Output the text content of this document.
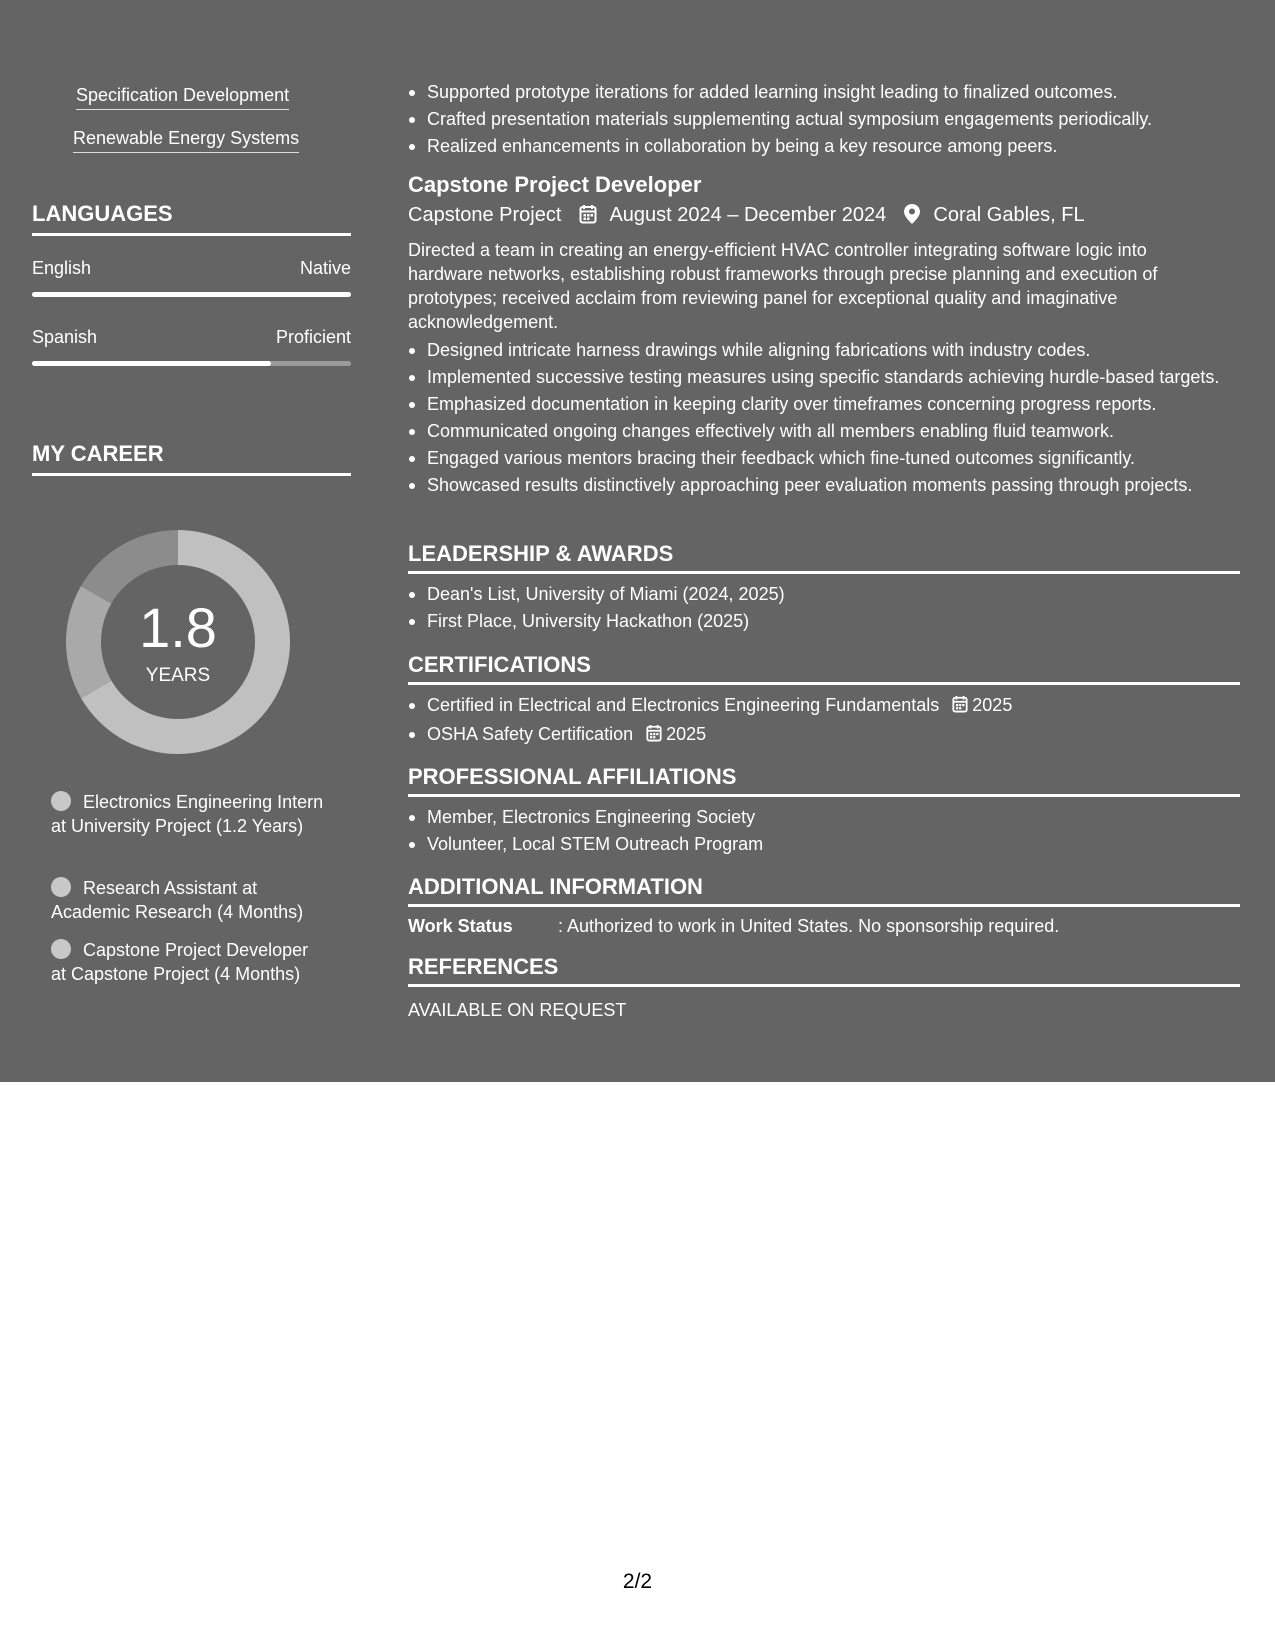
Specification Development
Renewable Energy Systems
LANGUAGES
English	Native
Spanish	Proficient
MY CAREER
1.8
YEARS
Electronics Engineering Intern at University Project (1.2 Years)
Research Assistant at Academic Research (4 Months)
Capstone Project Developer at Capstone Project (4 Months)
Supported prototype iterations for added learning insight leading to finalized outcomes.
Crafted presentation materials supplementing actual symposium engagements periodically.
Realized enhancements in collaboration by being a key resource among peers.
Capstone Project Developer
Capstone Project August 2024 – December 2024 Coral Gables, FL
Directed a team in creating an energy-efficient HVAC controller integrating software logic into hardware networks, establishing robust frameworks through precise planning and execution of prototypes; received acclaim from reviewing panel for exceptional quality and imaginative acknowledgement.
Designed intricate harness drawings while aligning fabrications with industry codes.
Implemented successive testing measures using specific standards achieving hurdle-based targets.
Emphasized documentation in keeping clarity over timeframes concerning progress reports.
Communicated ongoing changes effectively with all members enabling fluid teamwork.
Engaged various mentors bracing their feedback which fine-tuned outcomes significantly.
Showcased results distinctively approaching peer evaluation moments passing through projects.
LEADERSHIP & AWARDS
Dean's List, University of Miami (2024, 2025)
First Place, University Hackathon (2025)
CERTIFICATIONS
Certified in Electrical and Electronics Engineering Fundamentals 2025
OSHA Safety Certification 2025
PROFESSIONAL AFFILIATIONS
Member, Electronics Engineering Society
Volunteer, Local STEM Outreach Program
ADDITIONAL INFORMATION
Work Status	: Authorized to work in United States. No sponsorship required.
REFERENCES
AVAILABLE ON REQUEST
2/2
